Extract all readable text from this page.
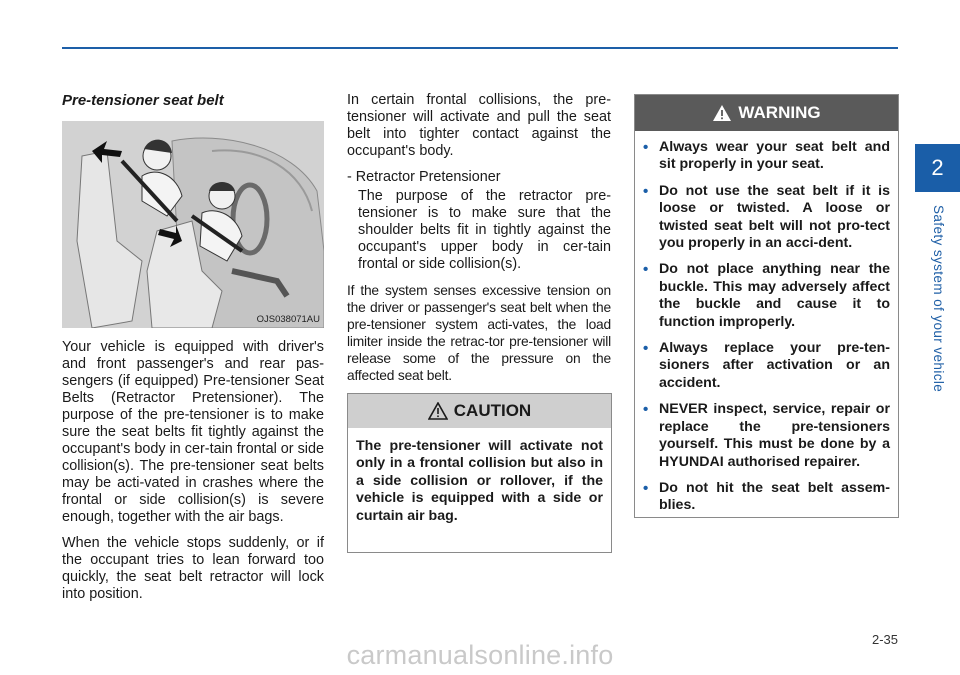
2
Safety system of your vehicle
Pre-tensioner seat belt
OJS038071AU

Your vehicle is equipped with driver's and front passenger's and rear pas-sengers (if equipped) Pre-tensioner Seat Belts (Retractor Pretensioner). The purpose of the pre-tensioner is to make sure the seat belts fit tightly against the occupant's body in cer-tain frontal or side collision(s). The pre-tensioner seat belts may be acti-vated in crashes where the frontal or side collision(s) is severe enough, together with the air bags.

When the vehicle stops suddenly, or if the occupant tries to lean forward too quickly, the seat belt retractor will lock into position.

In certain frontal collisions, the pre-tensioner will activate and pull the seat belt into tighter contact against the occupant's body.

- Retractor Pretensioner

The purpose of the retractor pre-tensioner is to make sure that the shoulder belts fit in tightly against the occupant's upper body in cer-tain frontal or side collision(s).

If the system senses excessive tension on the driver or passenger's seat belt when the pre-tensioner system acti-vates, the load limiter inside the retrac-tor pre-tensioner will release some of the pressure on the affected seat belt.

CAUTION
The pre-tensioner will activate not only in a frontal collision but also in a side collision or rollover, if the vehicle is equipped with a side or curtain air bag.
WARNING
• Always wear your seat belt and sit properly in your seat.
• Do not use the seat belt if it is loose or twisted. A loose or twisted seat belt will not pro-tect you properly in an acci-dent.
• Do not place anything near the buckle. This may adversely affect the buckle and cause it to function improperly.
• Always replace your pre-ten-sioners after activation or an accident.
• NEVER inspect, service, repair or replace the pre-tensioners yourself. This must be done by a HYUNDAI authorised repairer.
• Do not hit the seat belt assem-blies.
2-35
carmanualsonline.info
